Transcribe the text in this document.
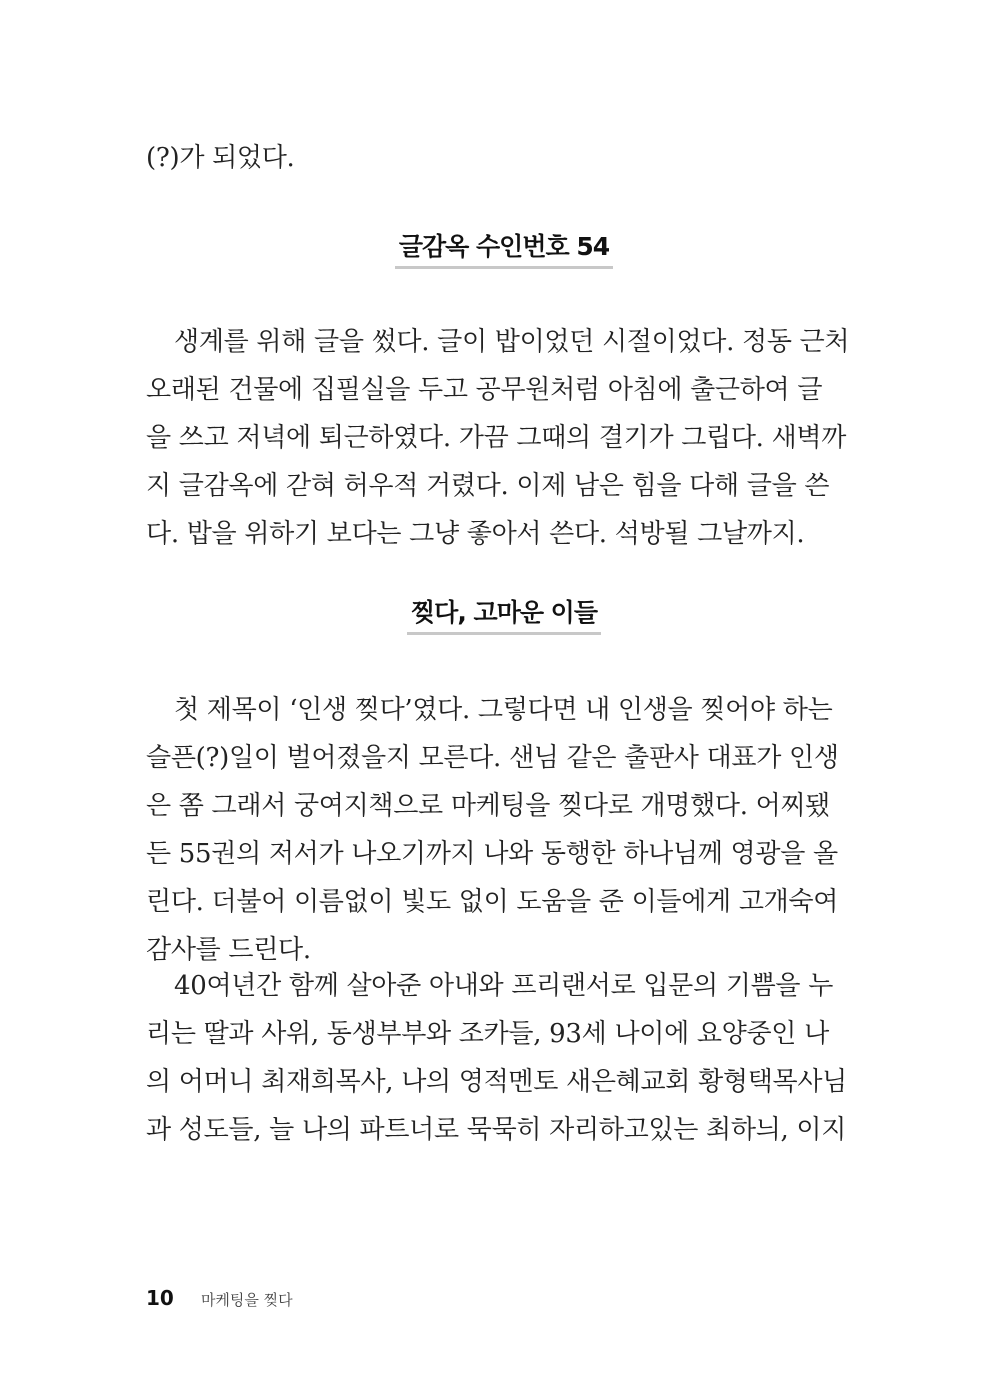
(?)가 되었다.
글감옥 수인번호 54
생계를 위해 글을 썼다. 글이 밥이었던 시절이었다. 정동 근처
오래된 건물에 집필실을 두고 공무원처럼 아침에 출근하여 글
을 쓰고 저녁에 퇴근하였다. 가끔 그때의 결기가 그립다. 새벽까
지 글감옥에 갇혀 허우적 거렸다. 이제 남은 힘을 다해 글을 쓴
다. 밥을 위하기 보다는 그냥 좋아서 쓴다. 석방될 그날까지.
찢다, 고마운 이들
첫 제목이 ‘인생 찢다’였다. 그렇다면 내 인생을 찢어야 하는
슬픈(?)일이 벌어졌을지 모른다. 샌님 같은 출판사 대표가 인생
은 쫌 그래서 궁여지책으로 마케팅을 찢다로 개명했다. 어찌됐
든 55권의 저서가 나오기까지 나와 동행한 하나님께 영광을 올
린다. 더불어 이름없이 빛도 없이 도움을 준 이들에게 고개숙여
감사를 드린다.
40여년간 함께 살아준 아내와 프리랜서로 입문의 기쁨을 누
리는 딸과 사위, 동생부부와 조카들, 93세 나이에 요양중인 나
의 어머니 최재희목사, 나의 영적멘토 새은혜교회 황형택목사님
과 성도들, 늘 나의 파트너로 묵묵히 자리하고있는 최하늬, 이지
10 마케팅을 찢다
